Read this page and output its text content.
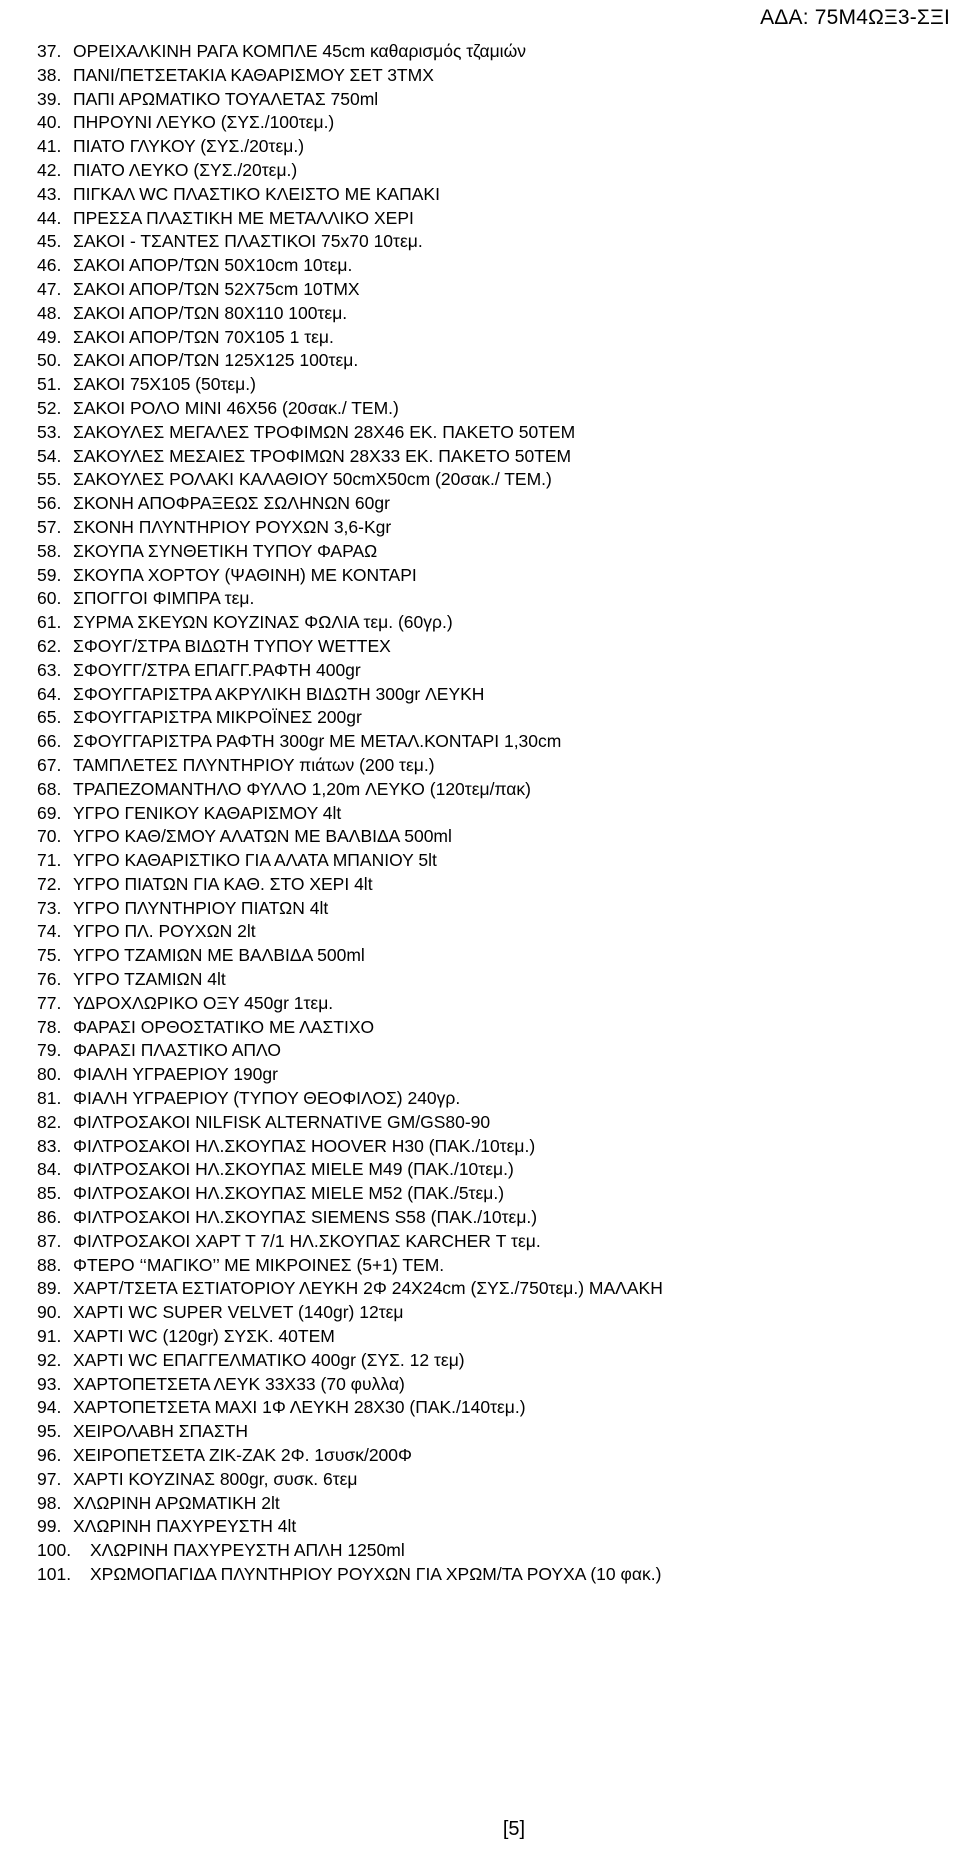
ΑΔΑ: 75Μ4ΩΞ3-ΣΞΙ
37. ΟΡΕΙΧΑΛΚΙΝΗ ΡΑΓΑ ΚΟΜΠΛΕ 45cm καθαρισμός τζαμιών
38. ΠΑΝΙ/ΠΕΤΣΕΤΑΚΙΑ ΚΑΘΑΡΙΣΜΟΥ ΣΕΤ 3ΤΜΧ
39. ΠΑΠΙ ΑΡΩΜΑΤΙΚΟ ΤΟΥΑΛΕΤΑΣ 750ml
40. ΠΗΡΟΥΝΙ ΛΕΥΚΟ (ΣΥΣ./100τεμ.)
41. ΠΙΑΤΟ ΓΛΥΚΟΥ (ΣΥΣ./20τεμ.)
42. ΠΙΑΤΟ ΛΕΥΚΟ (ΣΥΣ./20τεμ.)
43. ΠΙΓΚΑΛ WC ΠΛΑΣΤΙΚΟ ΚΛΕΙΣΤΟ ΜΕ ΚΑΠΑΚΙ
44. ΠΡΕΣΣΑ ΠΛΑΣΤΙΚΗ ΜΕ ΜΕΤΑΛΛΙΚΟ ΧΕΡΙ
45. ΣΑΚΟΙ - ΤΣΑΝΤΕΣ ΠΛΑΣΤΙΚΟΙ 75x70 10τεμ.
46. ΣΑΚΟΙ ΑΠΟΡ/ΤΩΝ 50Χ10cm 10τεμ.
47. ΣΑΚΟΙ ΑΠΟΡ/ΤΩΝ 52Χ75cm 10ΤΜΧ
48. ΣΑΚΟΙ ΑΠΟΡ/ΤΩΝ 80Χ110 100τεμ.
49. ΣΑΚΟΙ ΑΠΟΡ/ΤΩΝ 70Χ105 1 τεμ.
50. ΣΑΚΟΙ ΑΠΟΡ/ΤΩΝ 125Χ125 100τεμ.
51. ΣΑΚΟΙ 75Χ105 (50τεμ.)
52. ΣΑΚΟΙ ΡΟΛΟ ΜΙΝΙ 46Χ56 (20σακ./ ΤΕΜ.)
53. ΣΑΚΟΥΛΕΣ ΜΕΓΑΛΕΣ ΤΡΟΦΙΜΩΝ 28Χ46 ΕΚ. ΠΑΚΕΤΟ 50ΤΕΜ
54. ΣΑΚΟΥΛΕΣ ΜΕΣΑΙΕΣ ΤΡΟΦΙΜΩΝ 28Χ33 ΕΚ. ΠΑΚΕΤΟ 50ΤΕΜ
55. ΣΑΚΟΥΛΕΣ ΡΟΛΑΚΙ ΚΑΛΑΘΙΟΥ 50cmX50cm (20σακ./ ΤΕΜ.)
56. ΣΚΟΝΗ ΑΠΟΦΡΑΞΕΩΣ ΣΩΛΗΝΩΝ 60gr
57. ΣΚΟΝΗ ΠΛΥΝΤΗΡΙΟΥ ΡΟΥΧΩΝ 3,6-Kgr
58. ΣΚΟΥΠΑ ΣΥΝΘΕΤΙΚΗ ΤΥΠΟΥ ΦΑΡΑΩ
59. ΣΚΟΥΠΑ ΧΟΡΤΟΥ (ΨΑΘΙΝΗ) ΜΕ ΚΟΝΤΑΡΙ
60. ΣΠΟΓΓΟΙ ΦΙΜΠΡΑ τεμ.
61. ΣΥΡΜΑ ΣΚΕΥΩΝ ΚΟΥΖΙΝΑΣ ΦΩΛΙΑ τεμ. (60γρ.)
62. ΣΦΟΥΓ/ΣΤΡΑ ΒΙΔΩΤΗ ΤΥΠΟΥ WETTEX
63. ΣΦΟΥΓΓ/ΣΤΡΑ ΕΠΑΓΓ.ΡΑΦΤΗ 400gr
64. ΣΦΟΥΓΓΑΡΙΣΤΡΑ ΑΚΡΥΛΙΚΗ ΒΙΔΩΤΗ 300gr ΛΕΥΚΗ
65. ΣΦΟΥΓΓΑΡΙΣΤΡΑ ΜΙΚΡΟΪΝΕΣ 200gr
66. ΣΦΟΥΓΓΑΡΙΣΤΡΑ ΡΑΦΤΗ 300gr ΜΕ ΜΕΤΑΛ.ΚΟΝΤΑΡΙ 1,30cm
67. ΤΑΜΠΛΕΤΕΣ ΠΛΥΝΤΗΡΙΟΥ πιάτων (200 τεμ.)
68. ΤΡΑΠΕΖΟΜΑΝΤΗΛΟ ΦΥΛΛΟ 1,20m ΛΕΥΚΟ (120τεμ/πακ)
69. ΥΓΡΟ ΓΕΝΙΚΟΥ ΚΑΘΑΡΙΣΜΟΥ 4lt
70. ΥΓΡΟ ΚΑΘ/ΣΜΟΥ ΑΛΑΤΩΝ ΜΕ ΒΑΛΒΙΔΑ 500ml
71. ΥΓΡΟ ΚΑΘΑΡΙΣΤΙΚΟ ΓΙΑ ΑΛΑΤΑ ΜΠΑΝΙΟΥ 5lt
72. ΥΓΡΟ ΠΙΑΤΩΝ ΓΙΑ ΚΑΘ. ΣΤΟ ΧΕΡΙ 4lt
73. ΥΓΡΟ ΠΛΥΝΤΗΡΙΟΥ ΠΙΑΤΩΝ 4lt
74. ΥΓΡΟ ΠΛ. ΡΟΥΧΩΝ 2lt
75. ΥΓΡΟ ΤΖΑΜΙΩΝ ΜΕ ΒΑΛΒΙΔΑ 500ml
76. ΥΓΡΟ ΤΖΑΜΙΩΝ 4lt
77. ΥΔΡΟΧΛΩΡΙΚΟ ΟΞΥ 450gr 1τεμ.
78. ΦΑΡΑΣΙ ΟΡΘΟΣΤΑΤΙΚΟ ΜΕ ΛΑΣΤΙΧΟ
79. ΦΑΡΑΣΙ ΠΛΑΣΤΙΚΟ ΑΠΛΟ
80. ΦΙΑΛΗ ΥΓΡΑΕΡΙΟΥ 190gr
81. ΦΙΑΛΗ ΥΓΡΑΕΡΙΟΥ (ΤΥΠΟΥ ΘΕΟΦΙΛΟΣ) 240γρ.
82. ΦΙΛΤΡΟΣΑΚΟΙ NILFISK ALTERNATIVE GM/GS80-90
83. ΦΙΛΤΡΟΣΑΚΟΙ ΗΛ.ΣΚΟΥΠΑΣ HOOVER H30 (ΠΑΚ./10τεμ.)
84. ΦΙΛΤΡΟΣΑΚΟΙ ΗΛ.ΣΚΟΥΠΑΣ MIELE M49 (ΠΑΚ./10τεμ.)
85. ΦΙΛΤΡΟΣΑΚΟΙ ΗΛ.ΣΚΟΥΠΑΣ MIELE M52 (ΠΑΚ./5τεμ.)
86. ΦΙΛΤΡΟΣΑΚΟΙ ΗΛ.ΣΚΟΥΠΑΣ SIEMENS S58 (ΠΑΚ./10τεμ.)
87. ΦΙΛΤΡΟΣΑΚΟΙ ΧΑΡΤ Τ 7/1 ΗΛ.ΣΚΟΥΠΑΣ KARCHER Τ τεμ.
88. ΦΤΕΡΟ ‘‘ΜΑΓΙΚΟ’’ ΜΕ ΜΙΚΡΟΙΝΕΣ (5+1) ΤΕΜ.
89. ΧΑΡΤ/ΤΣΕΤΑ ΕΣΤΙΑΤΟΡΙΟΥ ΛΕΥΚΗ 2Φ 24Χ24cm (ΣΥΣ./750τεμ.) ΜΑΛΑΚΗ
90. ΧΑΡΤΙ WC SUPER VELVET (140gr) 12τεμ
91. ΧΑΡΤΙ WC (120gr) ΣΥΣΚ. 40ΤΕΜ
92. ΧΑΡΤΙ WC ΕΠΑΓΓΕΛΜΑΤΙΚΟ 400gr (ΣΥΣ. 12 τεμ)
93. ΧΑΡΤΟΠΕΤΣΕΤΑ ΛΕΥΚ 33Χ33 (70 φυλλα)
94. ΧΑΡΤΟΠΕΤΣΕΤΑ ΜΑΧΙ 1Φ ΛΕΥΚΗ 28Χ30 (ΠΑΚ./140τεμ.)
95. ΧΕΙΡΟΛΑΒΗ ΣΠΑΣΤΗ
96. ΧΕΙΡΟΠΕΤΣΕΤΑ ZIK-ZAK 2Φ. 1συσκ/200Φ
97. ΧΑΡΤΙ ΚΟΥΖΙΝΑΣ 800gr, συσκ. 6τεμ
98. ΧΛΩΡΙΝΗ ΑΡΩΜΑΤΙΚΗ 2lt
99. ΧΛΩΡΙΝΗ ΠΑΧΥΡΕΥΣΤΗ 4lt
100.	ΧΛΩΡΙΝΗ ΠΑΧΥΡΕΥΣΤΗ ΑΠΛΗ 1250ml
101.	ΧΡΩΜΟΠΑΓΙΔΑ ΠΛΥΝΤΗΡΙΟΥ ΡΟΥΧΩΝ ΓΙΑ ΧΡΩΜ/ΤΑ ΡΟΥΧΑ (10 φακ.)
[5]
